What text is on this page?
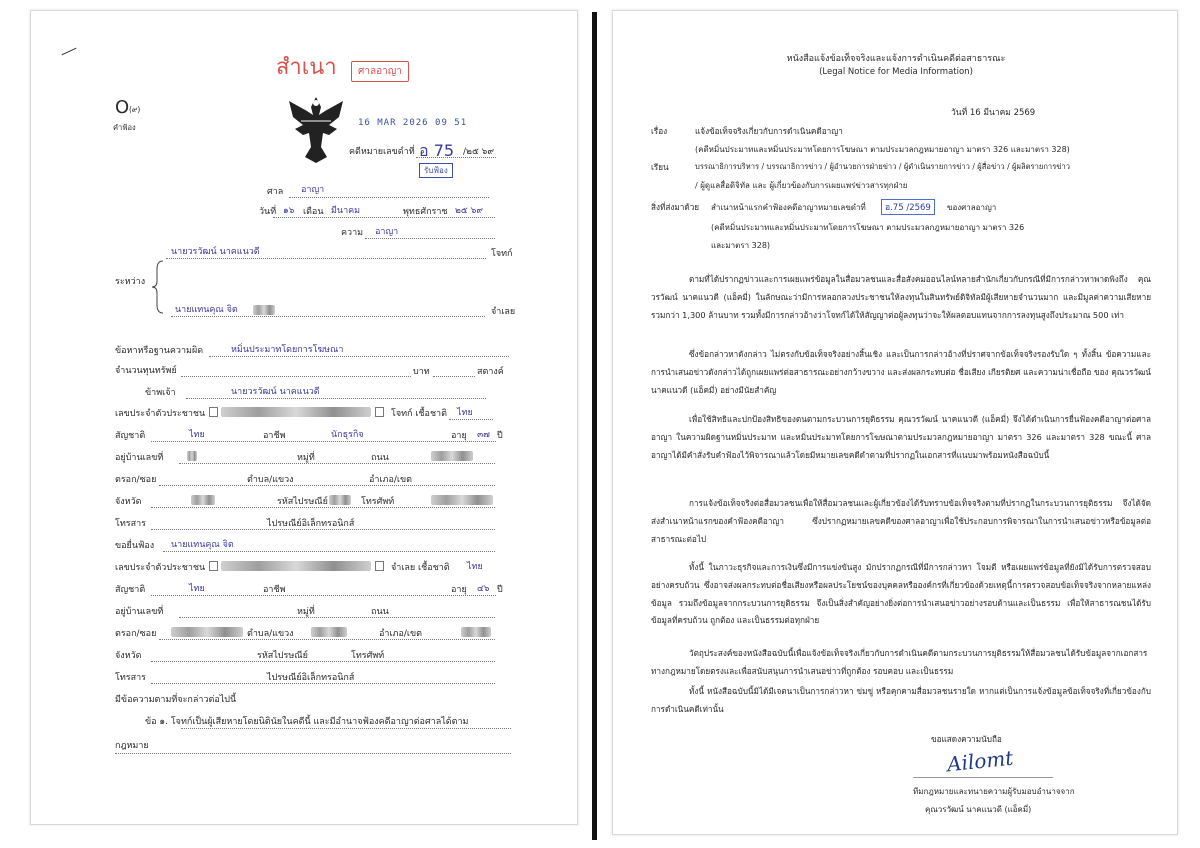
สำเนา	ศาลอาญา
O (๙)
คำฟ้อง	16 MAR 2026 09 51
คดีหมายเลขดำที่ อ 75 /๒๕ ๖๙
รับฟ้อง
ศาล อาญา
วันที่ ๑๖ เดือน มีนาคม	พุทธศักราช ๒๕ ๖๙
ความ อาญา
นายวรวัฒน์ นาคแนวดี	โจทก์
ระหว่าง
นายแทนคุณ จิต	จำเลย
ข้อหาหรือฐานความผิด	หมิ่นประมาทโดยการโฆษณา
จำนวนทุนทรัพย์	บาท	สตางค์
ข้าพเจ้า	นายวรวัฒน์ นาคแนวดี
เลขประจำตัวประชาชน	โจทก์ เชื้อชาติ ไทย
สัญชาติ	ไทย	อาชีพ	นักธุรกิจ	อายุ ๓๗ ปี
อยู่บ้านเลขที่	หมู่ที่	ถนน
ตรอก/ซอย	ตำบล/แขวง	อำเภอ/เขต
จังหวัด	รหัสไปรษณีย์	โทรศัพท์
โทรสาร	ไปรษณีย์อิเล็กทรอนิกส์
ขอยื่นฟ้อง นายแทนคุณ จิต
เลขประจำตัวประชาชน	จำเลย เชื้อชาติ ไทย
สัญชาติ	ไทย	อาชีพ	อายุ ๔๖ ปี
อยู่บ้านเลขที่	หมู่ที่	ถนน
ตรอก/ซอย	ตำบล/แขวง	อำเภอ/เขต
จังหวัด	รหัสไปรษณีย์	โทรศัพท์
โทรสาร	ไปรษณีย์อิเล็กทรอนิกส์
มีข้อความตามที่จะกล่าวต่อไปนี้
ข้อ ๑. โจทก์เป็นผู้เสียหายโดยนิตินัยในคดีนี้ และมีอำนาจฟ้องคดีอาญาต่อศาลได้ตาม
กฎหมาย
หนังสือแจ้งข้อเท็จจริงและแจ้งการดำเนินคดีต่อสาธารณะ
(Legal Notice for Media Information)
วันที่ 16 มีนาคม 2569
เรื่อง	แจ้งข้อเท็จจริงเกี่ยวกับการดำเนินคดีอาญา
(คดีหมิ่นประมาทและหมิ่นประมาทโดยการโฆษณา ตามประมวลกฎหมายอาญา มาตรา 326 และมาตรา 328)
เรียน	บรรณาธิการบริหาร / บรรณาธิการข่าว / ผู้อำนวยการฝ่ายข่าว / ผู้ดำเนินรายการข่าว / ผู้สื่อข่าว / ผู้ผลิตรายการข่าว
/ ผู้ดูแลสื่อดิจิทัล และ ผู้เกี่ยวข้องกับการเผยแพร่ข่าวสารทุกฝ่าย
สิ่งที่ส่งมาด้วย สำเนาหน้าแรกคำฟ้องคดีอาญาหมายเลขดำที่	อ.75 /2569	ของศาลอาญา
(คดีหมิ่นประมาทและหมิ่นประมาทโดยการโฆษณา ตามประมวลกฎหมายอาญา มาตรา 326
และมาตรา 328)

ตามที่ได้ปรากฏข่าวและการเผยแพร่ข้อมูลในสื่อมวลชนและสื่อสังคมออนไลน์หลายสำนักเกี่ยวกับกรณีที่มีการกล่าวหาพาดพิงถึง คุณวรวัฒน์ นาคแนวดี (แอ็คมี่) ในลักษณะว่ามีการหลอกลวงประชาชนให้ลงทุนในสินทรัพย์ดิจิทัลมีผู้เสียหายจำนวนมาก และมีมูลค่าความเสียหายรวมกว่า 1,300 ล้านบาท รวมทั้งมีการกล่าวอ้างว่าโจทก์ได้ให้สัญญาต่อผู้ลงทุนว่าจะให้ผลตอบแทนจากการลงทุนสูงถึงประมาณ 500 เท่า

ซึ่งข้อกล่าวหาดังกล่าว ไม่ตรงกับข้อเท็จจริงอย่างสิ้นเชิง และเป็นการกล่าวอ้างที่ปราศจากข้อเท็จจริงรองรับใด ๆ ทั้งสิ้น ข้อความและการนำเสนอข่าวดังกล่าวได้ถูกเผยแพร่ต่อสาธารณะอย่างกว้างขวาง และส่งผลกระทบต่อ ชื่อเสียง เกียรติยศ และความน่าเชื่อถือ ของ คุณวรวัฒน์ นาคแนวดี (แอ็คมี่) อย่างมีนัยสำคัญ

เพื่อใช้สิทธิและปกป้องสิทธิของตนตามกระบวนการยุติธรรม คุณวรวัฒน์ นาคแนวดี (แอ็คมี่) จึงได้ดำเนินการยื่นฟ้องคดีอาญาต่อศาลอาญา ในความผิดฐานหมิ่นประมาท และหมิ่นประมาทโดยการโฆษณาตามประมวลกฎหมายอาญา มาตรา 326 และมาตรา 328 ขณะนี้ ศาลอาญาได้มีคำสั่งรับคำฟ้องไว้พิจารณาแล้วโดยมีหมายเลขคดีดำตามที่ปรากฏในเอกสารที่แนบมาพร้อมหนังสือฉบับนี้

การแจ้งข้อเท็จจริงต่อสื่อมวลชนเพื่อให้สื่อมวลชนและผู้เกี่ยวข้องได้รับทราบข้อเท็จจริงตามที่ปรากฏในกระบวนการยุติธรรม จึงได้จัดส่งสำเนาหน้าแรกของคำฟ้องคดีอาญา ซึ่งปรากฏหมายเลขคดีของศาลอาญาเพื่อใช้ประกอบการพิจารณาในการนำเสนอข่าวหรือข้อมูลต่อสาธารณะต่อไป

ทั้งนี้ ในภาวะธุรกิจและการเงินซึ่งมีการแข่งขันสูง มักปรากฏกรณีที่มีการกล่าวหา โจมตี หรือเผยแพร่ข้อมูลที่ยังมิได้รับการตรวจสอบอย่างครบถ้วน ซึ่งอาจส่งผลกระทบต่อชื่อเสียงหรือผลประโยชน์ของบุคคลหรือองค์กรที่เกี่ยวข้องด้วยเหตุนี้การตรวจสอบข้อเท็จจริงจากหลายแหล่งข้อมูล รวมถึงข้อมูลจากกระบวนการยุติธรรม จึงเป็นสิ่งสำคัญอย่างยิ่งต่อการนำเสนอข่าวอย่างรอบด้านและเป็นธรรม เพื่อให้สาธารณชนได้รับข้อมูลที่ครบถ้วน ถูกต้อง และเป็นธรรมต่อทุกฝ่าย

วัตถุประสงค์ของหนังสือฉบับนี้เพื่อแจ้งข้อเท็จจริงเกี่ยวกับการดำเนินคดีตามกระบวนการยุติธรรมให้สื่อมวลชนได้รับข้อมูลจากเอกสารทางกฎหมายโดยตรงและเพื่อสนับสนุนการนำเสนอข่าวที่ถูกต้อง รอบคอบ และเป็นธรรม

ทั้งนี้ หนังสือฉบับนี้มิได้มีเจตนาเป็นการกล่าวหา ข่มขู่ หรือคุกคามสื่อมวลชนรายใด หากแต่เป็นการแจ้งข้อมูลข้อเท็จจริงที่เกี่ยวข้องกับการดำเนินคดีเท่านั้น

ขอแสดงความนับถือ
Ailomt
ทีมกฎหมายและทนายความผู้รับมอบอำนาจจาก
คุณวรวัฒน์ นาคแนวดี (แอ็คมี่)
